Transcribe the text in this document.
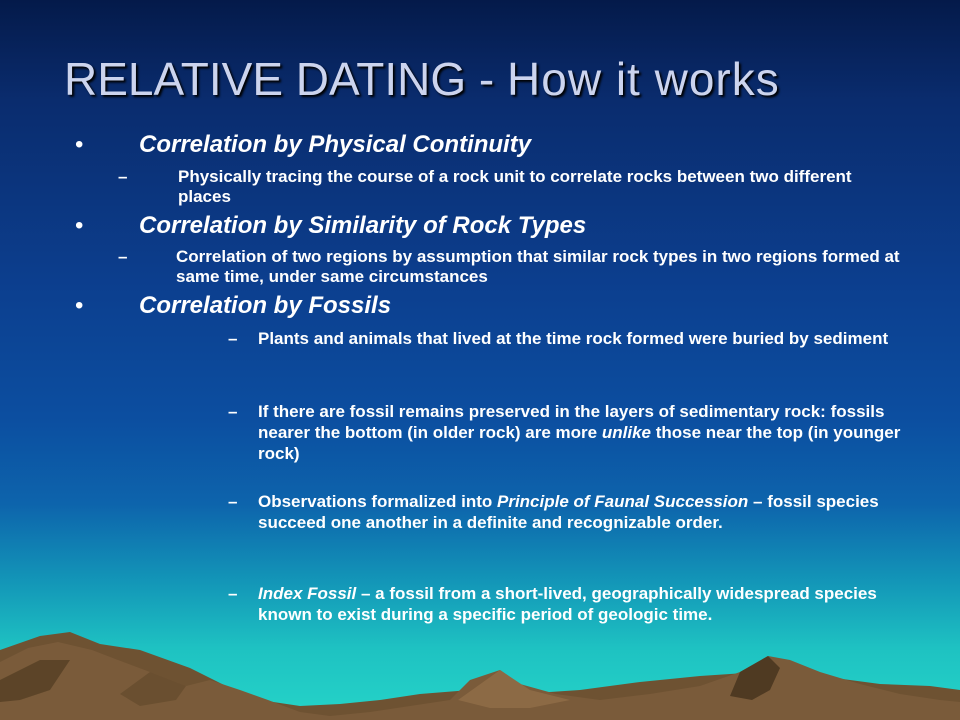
RELATIVE DATING - How it works
• Correlation by Physical Continuity
–	Physically tracing the course of a rock unit to correlate rocks between two different places
• Correlation by Similarity of Rock Types
–	Correlation of two regions by assumption that similar rock types in two regions formed at same time, under same circumstances
• Correlation by Fossils
– Plants and animals that lived at the time rock formed were buried by sediment
– If there are fossil remains preserved in the layers of sedimentary rock: fossils nearer the bottom (in older rock) are more unlike those near the top (in younger rock)
– Observations formalized into Principle of Faunal Succession – fossil species succeed one another in a definite and recognizable order.
– Index Fossil – a fossil from a short-lived, geographically widespread species known to exist during a specific period of geologic time.
